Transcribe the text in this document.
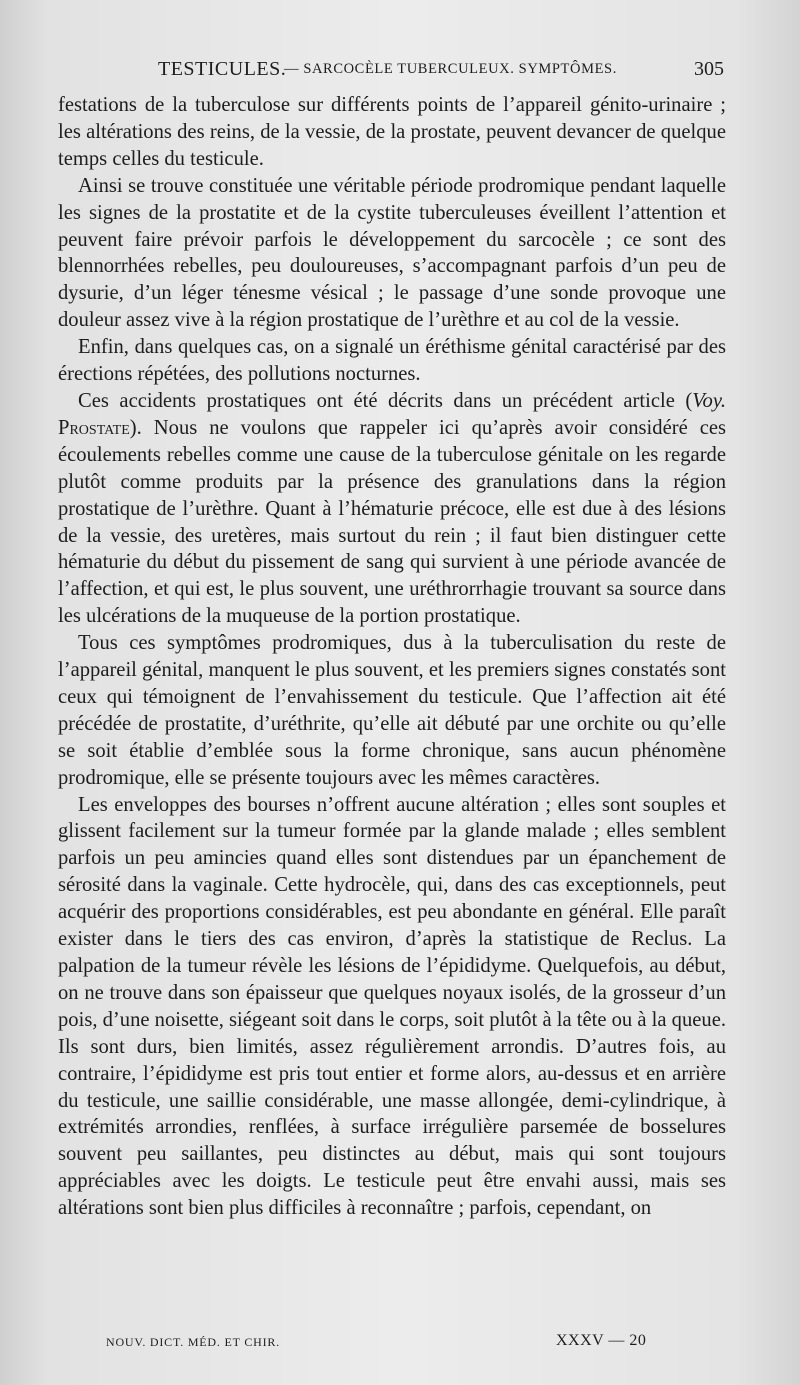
TESTICULES.
— SARCOCÈLE TUBERCULEUX. SYMPTÔMES.	305

festations de la tuberculose sur différents points de l’appareil génito-urinaire ; les altérations des reins, de la vessie, de la prostate, peuvent devancer de quelque temps celles du testicule.

Ainsi se trouve constituée une véritable période prodromique pendant laquelle les signes de la prostatite et de la cystite tuberculeuses éveillent l’attention et peuvent faire prévoir parfois le développement du sarcocèle ; ce sont des blennorrhées rebelles, peu douloureuses, s’accompagnant parfois d’un peu de dysurie, d’un léger ténesme vésical ; le passage d’une sonde provoque une douleur assez vive à la région prostatique de l’urèthre et au col de la vessie.

Enfin, dans quelques cas, on a signalé un éréthisme génital caractérisé par des érections répétées, des pollutions nocturnes.

Ces accidents prostatiques ont été décrits dans un précédent article (Voy. Prostate). Nous ne voulons que rappeler ici qu’après avoir considéré ces écoulements rebelles comme une cause de la tuberculose génitale on les regarde plutôt comme produits par la présence des granulations dans la région prostatique de l’urèthre. Quant à l’hématurie précoce, elle est due à des lésions de la vessie, des uretères, mais surtout du rein ; il faut bien distinguer cette hématurie du début du pissement de sang qui survient à une période avancée de l’affection, et qui est, le plus souvent, une uréthrorrhagie trouvant sa source dans les ulcérations de la muqueuse de la portion prostatique.

Tous ces symptômes prodromiques, dus à la tuberculisation du reste de l’appareil génital, manquent le plus souvent, et les premiers signes constatés sont ceux qui témoignent de l’envahissement du testicule. Que l’affection ait été précédée de prostatite, d’uréthrite, qu’elle ait débuté par une orchite ou qu’elle se soit établie d’emblée sous la forme chronique, sans aucun phénomène prodromique, elle se présente toujours avec les mêmes caractères.

Les enveloppes des bourses n’offrent aucune altération ; elles sont souples et glissent facilement sur la tumeur formée par la glande malade ; elles semblent parfois un peu amincies quand elles sont distendues par un épanchement de sérosité dans la vaginale. Cette hydrocèle, qui, dans des cas exceptionnels, peut acquérir des proportions considérables, est peu abondante en général. Elle paraît exister dans le tiers des cas environ, d’après la statistique de Reclus. La palpation de la tumeur révèle les lésions de l’épididyme. Quelquefois, au début, on ne trouve dans son épaisseur que quelques noyaux isolés, de la grosseur d’un pois, d’une noisette, siégeant soit dans le corps, soit plutôt à la tête ou à la queue. Ils sont durs, bien limités, assez régulièrement arrondis. D’autres fois, au contraire, l’épididyme est pris tout entier et forme alors, au-dessus et en arrière du testicule, une saillie considérable, une masse allongée, demi-cylindrique, à extrémités arrondies, renflées, à surface irrégulière parsemée de bosselures souvent peu saillantes, peu distinctes au début, mais qui sont toujours appréciables avec les doigts. Le testicule peut être envahi aussi, mais ses altérations sont bien plus difficiles à reconnaître ; parfois, cependant, on

NOUV. DICT. MÉD. ET CHIR.	XXXV — 20
